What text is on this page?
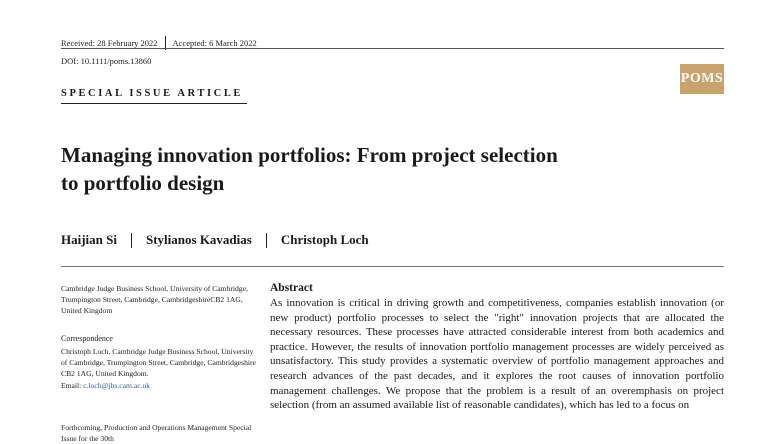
Received: 28 February 2022 Accepted: 6 March 2022
DOI: 10.1111/poms.13860
POMS
SPECIAL ISSUE ARTICLE
Managing innovation portfolios: From project selection
to portfolio design
Haijian Si Stylianos Kavadias Christoph Loch
Cambridge Judge Business School, University of Cambridge, Trumpington Street, Cambridge, CambridgeshireCB2 1AG, United Kingdom
Correspondence
Christoph Loch, Cambridge Judge Business School, University of Cambridge, Trumpington Street, Cambridge, Cambridgeshire CB2 1AG, United Kingdom.
Email: c.loch@jbs.cam.ac.uk
Forthcoming, Production and Operations Management Special Issue for the 30th
Abstract
As innovation is critical in driving growth and competitiveness, companies establish innovation (or new product) portfolio processes to select the "right" innovation projects that are allocated the necessary resources. These processes have attracted considerable interest from both academics and practice. However, the results of innovation portfolio management processes are widely perceived as unsatisfactory. This study provides a systematic overview of portfolio management approaches and research advances of the past decades, and it explores the root causes of innovation portfolio management challenges. We propose that the problem is a result of an overemphasis on project selection (from an assumed available list of reasonable candidates), which has led to a focus on
